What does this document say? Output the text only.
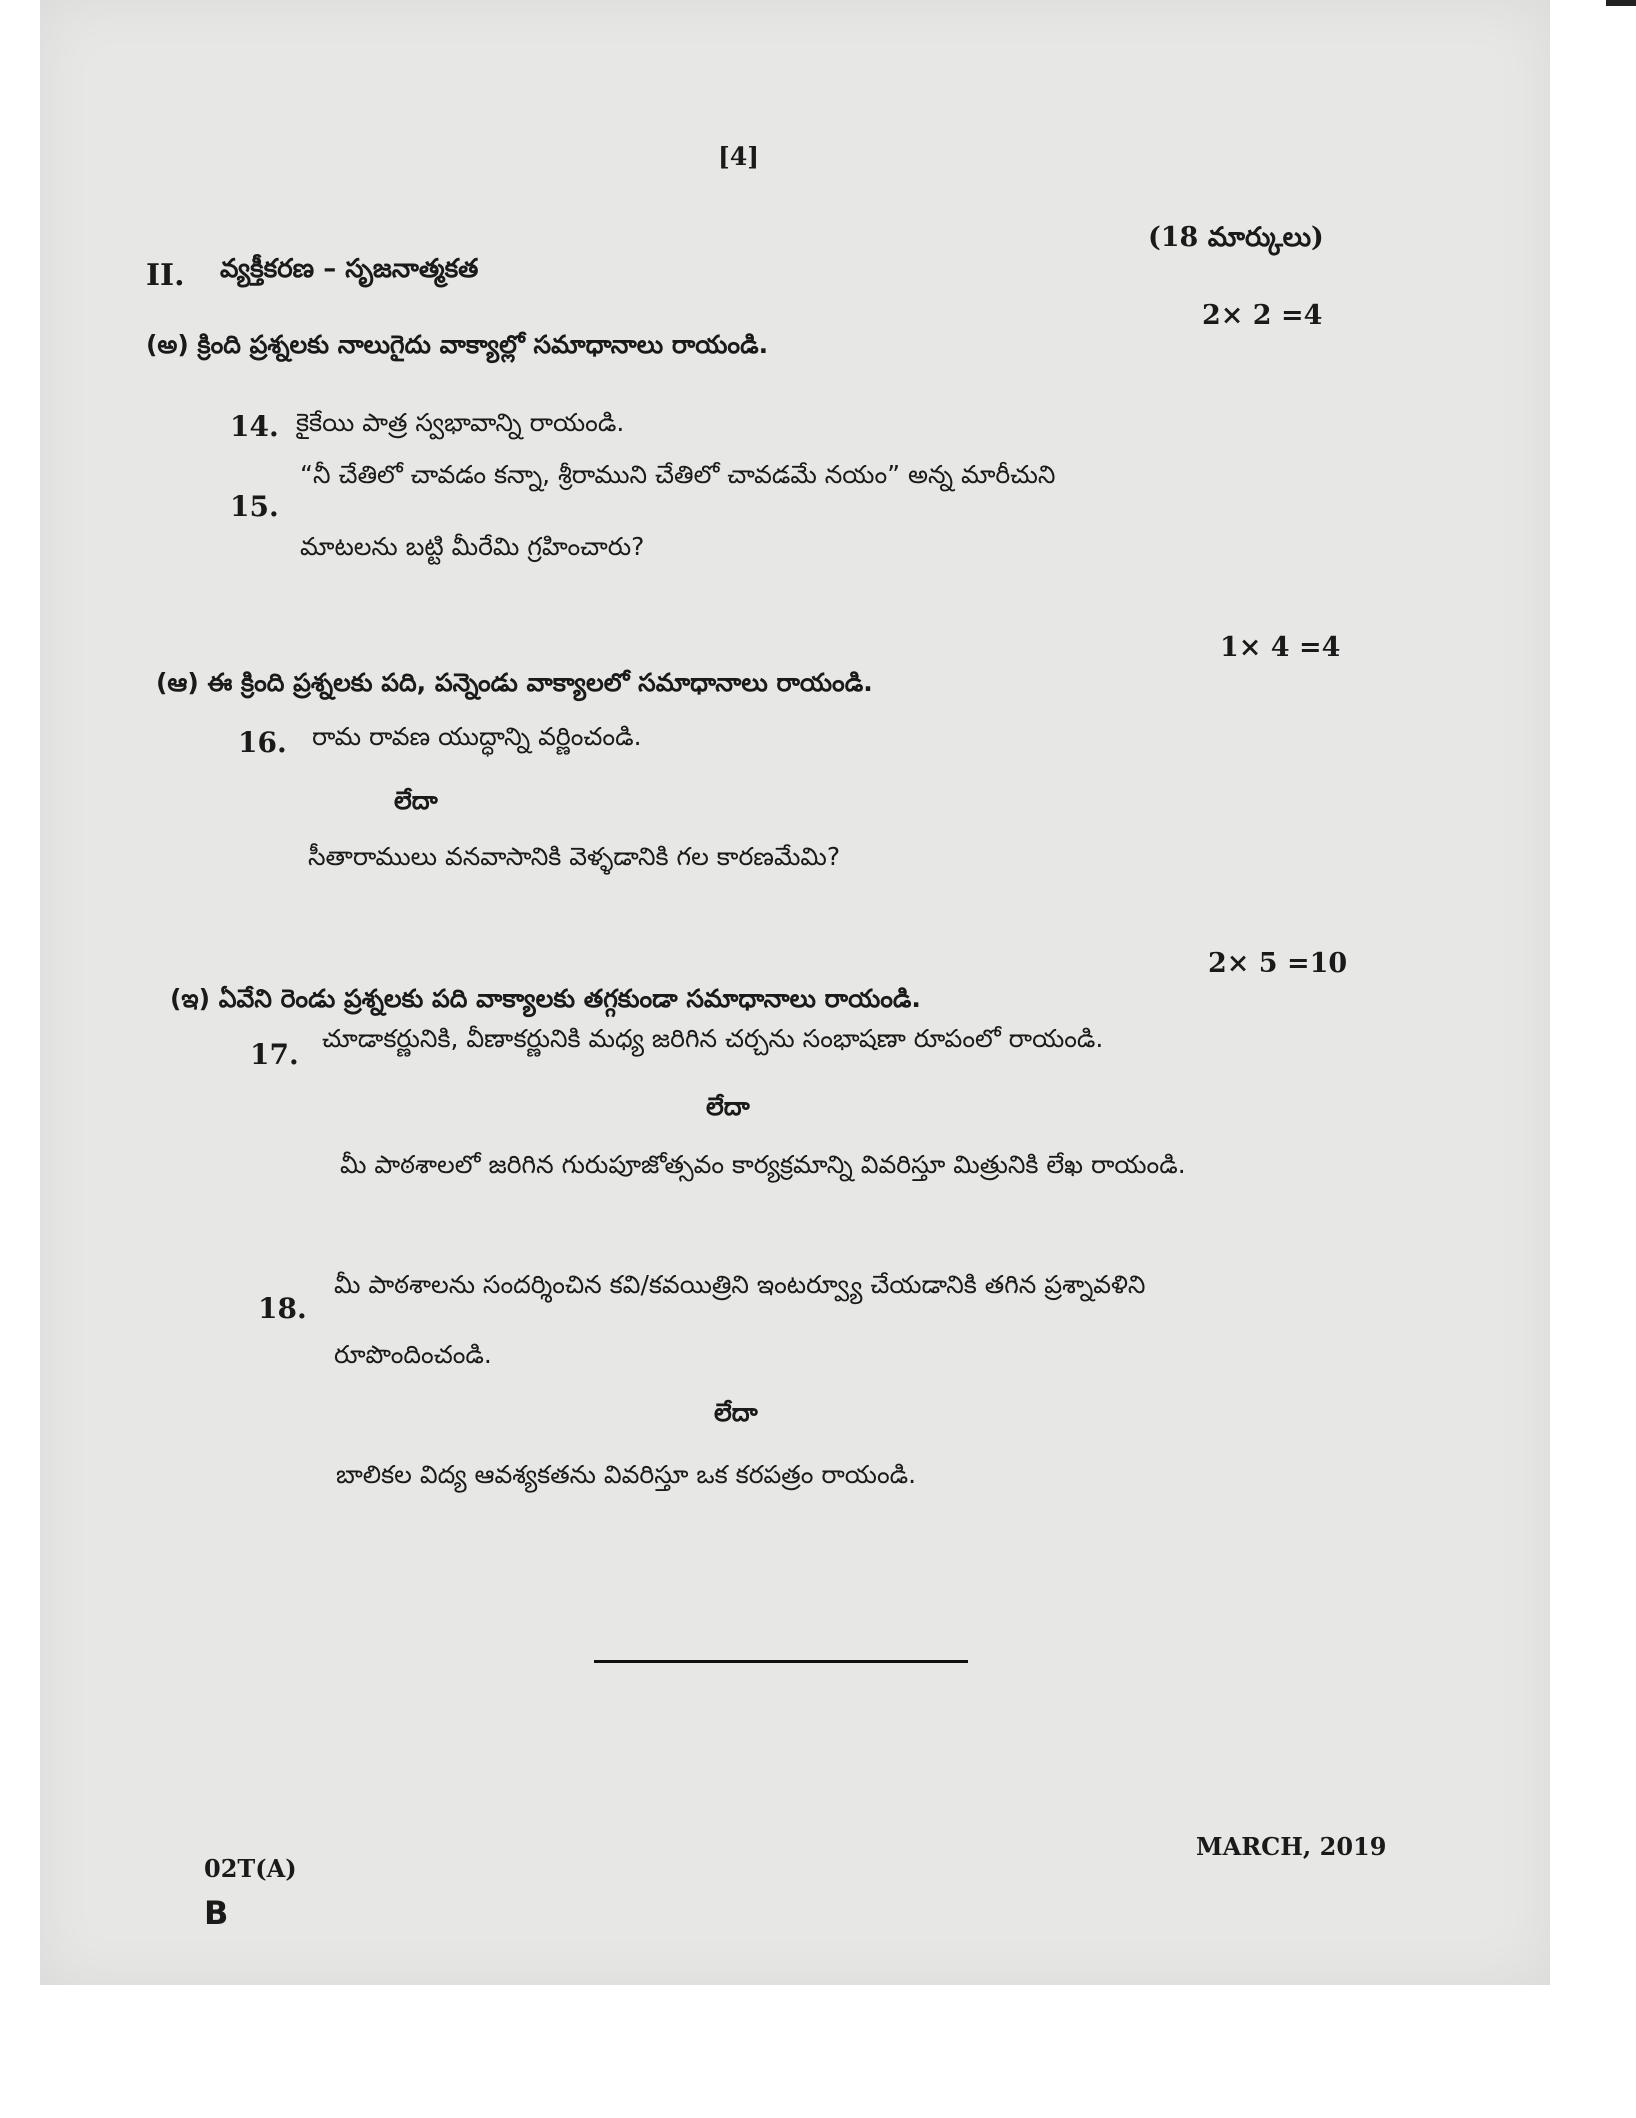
[4]
(18 మార్కులు)
II. వ్యక్తీకరణ – సృజనాత్మకత
(అ) క్రింది ప్రశ్నలకు నాలుగైదు వాక్యాల్లో సమాధానాలు రాయండి.
2× 2 =4
14. కైకేయి పాత్ర స్వభావాన్ని రాయండి.
15.
“నీ చేతిలో చావడం కన్నా, శ్రీరాముని చేతిలో చావడమే నయం” అన్న మారీచుని
మాటలను బట్టి మీరేమి గ్రహించారు?
(ఆ) ఈ క్రింది ప్రశ్నలకు పది, పన్నెండు వాక్యాలలో సమాధానాలు రాయండి.
1× 4 =4
16. రామ రావణ యుద్ధాన్ని వర్ణించండి.
లేదా
సీతారాములు వనవాసానికి వెళ్ళడానికి గల కారణమేమి?
(ఇ) ఏవేని రెండు ప్రశ్నలకు పది వాక్యాలకు తగ్గకుండా సమాధానాలు రాయండి.
2× 5 =10
17. చూడాకర్ణునికి, వీణాకర్ణునికి మధ్య జరిగిన చర్చను సంభాషణా రూపంలో రాయండి.
లేదా
మీ పాఠశాలలో జరిగిన గురుపూజోత్సవం కార్యక్రమాన్ని వివరిస్తూ మిత్రునికి లేఖ రాయండి.
18.
మీ పాఠశాలను సందర్శించిన కవి/కవయిత్రిని ఇంటర్వ్యూ చేయడానికి తగిన ప్రశ్నావళిని
రూపొందించండి.
లేదా
బాలికల విద్య ఆవశ్యకతను వివరిస్తూ ఒక కరపత్రం రాయండి.
MARCH, 2019
02T(A)
B
